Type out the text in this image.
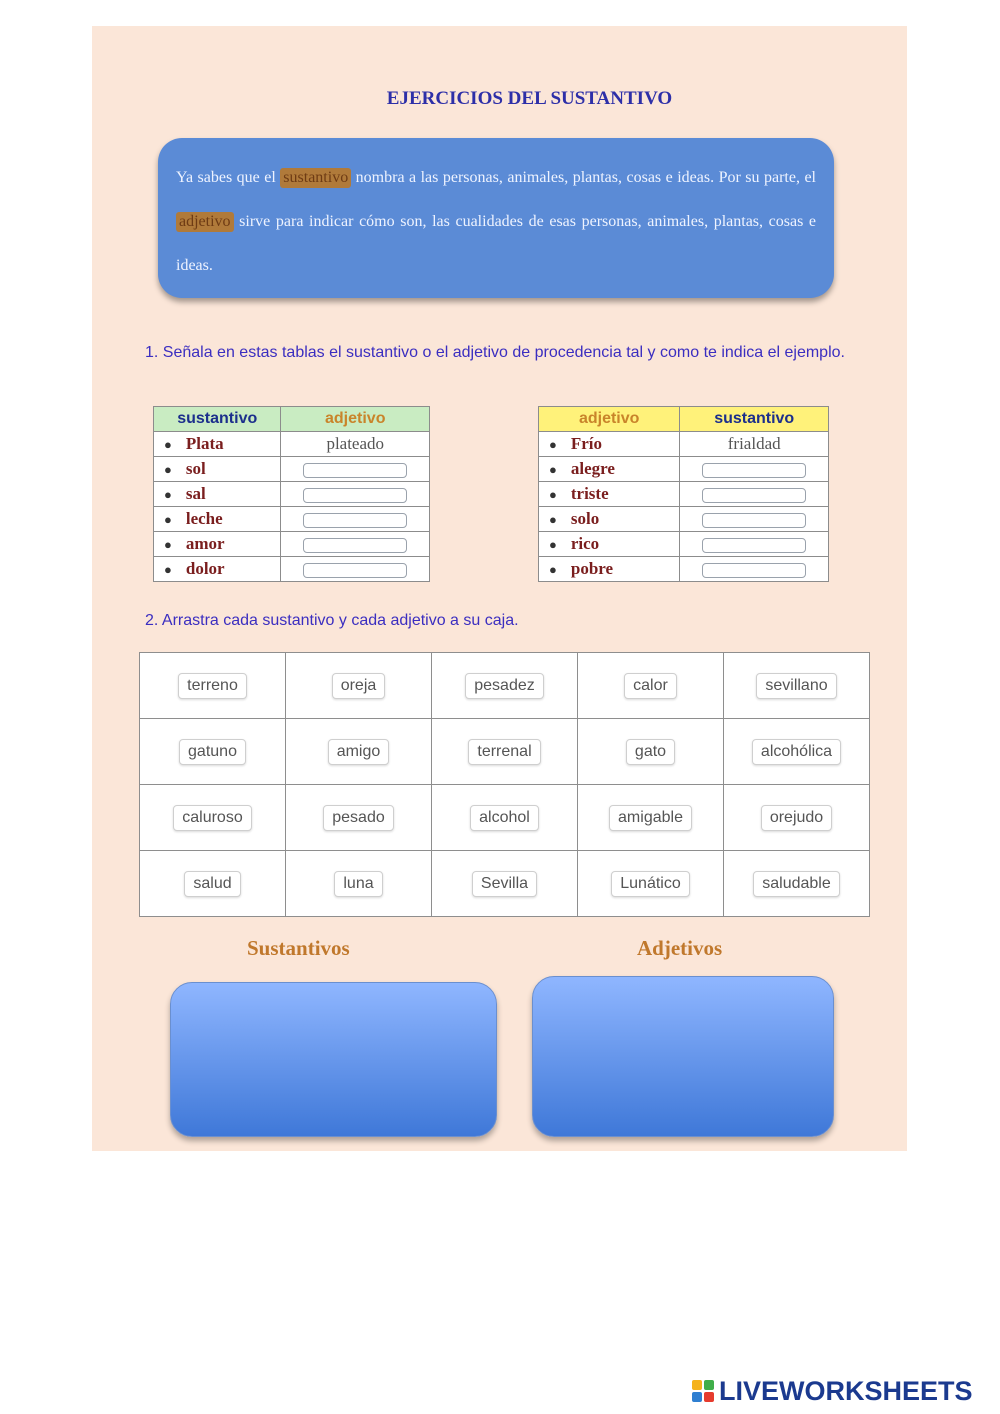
EJERCICIOS DEL SUSTANTIVO
Ya sabes que el sustantivo nombra a las personas, animales, plantas, cosas e ideas. Por su parte, el adjetivo sirve para indicar cómo son, las cualidades de esas personas, animales, plantas, cosas e ideas.
1. Señala en estas tablas el sustantivo o el adjetivo de procedencia tal y como te indica el ejemplo.
sustantivo	adjetivo
● Plata	plateado
● sol	
● sal	
● leche	
● amor	
● dolor	
adjetivo	sustantivo
● Frío	frialdad
● alegre	
● triste	
● solo	
● rico	
● pobre	
2. Arrastra cada sustantivo y cada adjetivo a su caja.
terreno	oreja	pesadez	calor	sevillano
gatuno	amigo	terrenal	gato	alcohólica
caluroso	pesado	alcohol	amigable	orejudo
salud	luna	Sevilla	Lunático	saludable
Sustantivos	Adjetivos
LIVEWORKSHEETS
